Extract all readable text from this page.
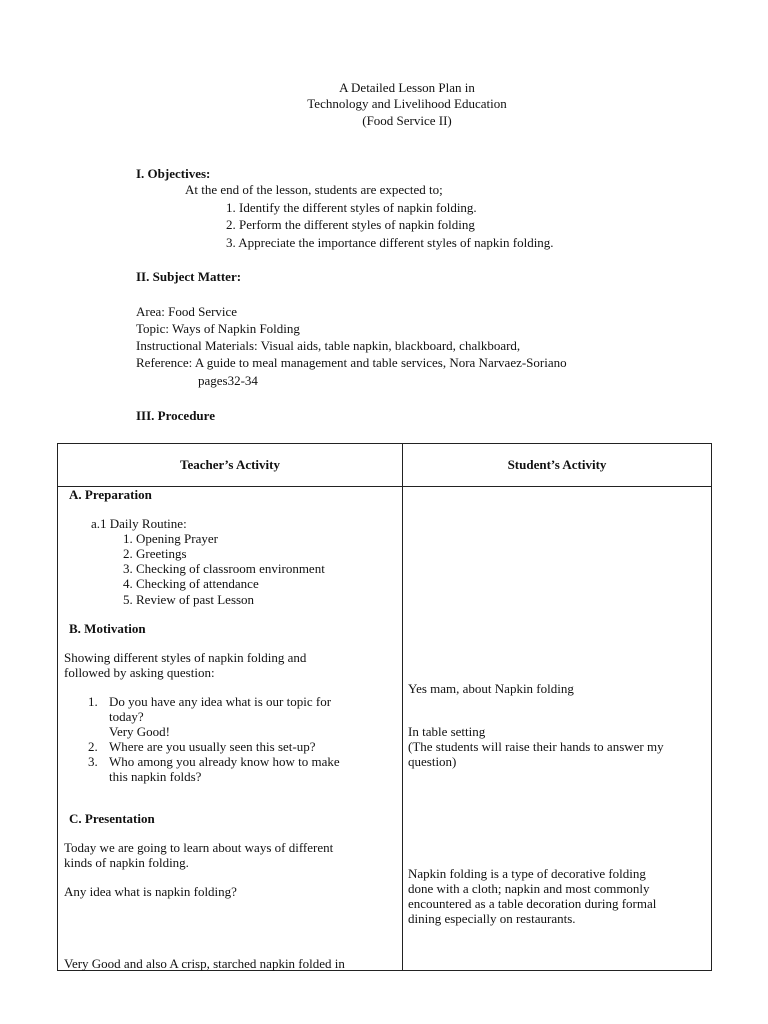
A Detailed Lesson Plan in
Technology and Livelihood Education
(Food Service II)
I. Objectives:
At the end of the lesson, students are expected to;
1. Identify the different styles of napkin folding.
2. Perform the different styles of napkin folding
3. Appreciate the importance different styles of napkin folding.
II. Subject Matter:
Area: Food Service
Topic: Ways of Napkin Folding
Instructional Materials: Visual aids, table napkin, blackboard, chalkboard,
Reference: A guide to meal management and table services, Nora Narvaez-Soriano
pages32-34
III. Procedure
Teacher’s Activity	Student’s Activity
A. Preparation
a.1 Daily Routine:
1. Opening Prayer
2. Greetings
3. Checking of classroom environment
4. Checking of attendance
5. Review of past Lesson
B. Motivation
Showing different styles of napkin folding and
followed by asking question:
1. Do you have any idea what is our topic for
today?
Very Good!
2. Where are you usually seen this set-up?
3. Who among you already know how to make
this napkin folds?
C. Presentation
Today we are going to learn about ways of different
kinds of napkin folding.
Any idea what is napkin folding?
Very Good and also A crisp, starched napkin folded in
Yes mam, about Napkin folding
In table setting
(The students will raise their hands to answer my
question)
Napkin folding is a type of decorative folding
done with a cloth; napkin and most commonly
encountered as a table decoration during formal
dining especially on restaurants.
